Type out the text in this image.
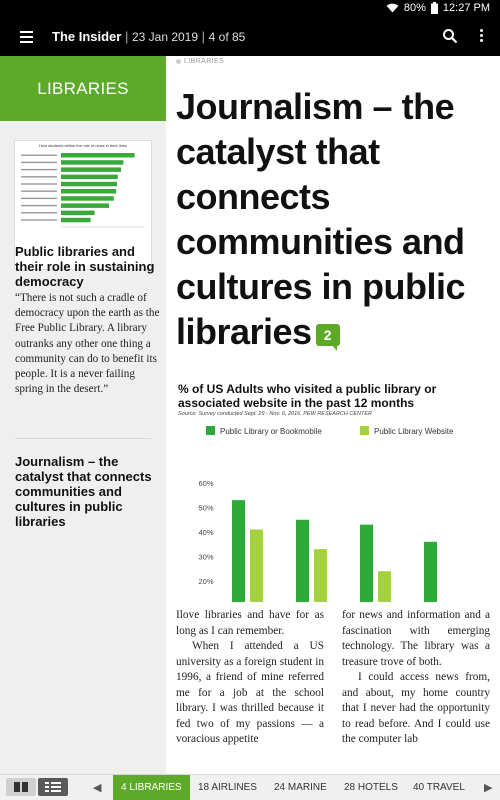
80% 12:27 PM
The Insider | 23 Jan 2019 | 4 of 85
LIBRARIES
How students define the role of news in their lives
Public libraries and their role in sustaining democracy
“There is not such a cradle of democracy upon the earth as the Free Public Library. A library outranks any other one thing a community can do to benefit its people. It is a never failing spring in the desert.”
Journalism – the catalyst that connects communities and cultures in public libraries
LIBRARIES
Journalism – the catalyst that connects communities and cultures in public libraries 2
% of US Adults who visited a public library or associated website in the past 12 months
Source: Survey conducted Sept. 29 - Nov. 6, 2016. PEW RESEARCH CENTER
Public Library or Bookmobile	Public Library Website
20%
30%
40%
50%
60%

Ilove libraries and have for as long as I can remember.

When I attended a US university as a foreign student in 1996, a friend of mine referred me for a job at the school library. I was thrilled because it fed two of my passions — a voracious appetite

for news and information and a fascination with emerging technology. The library was a treasure trove of both.

I could access news from, and about, my home country that I never had the opportunity to read before. And I could use the computer lab

◀	4 LIBRARIES	18 AIRLINES	24 MARINE	28 HOTELS	40 TRAVEL	▶
